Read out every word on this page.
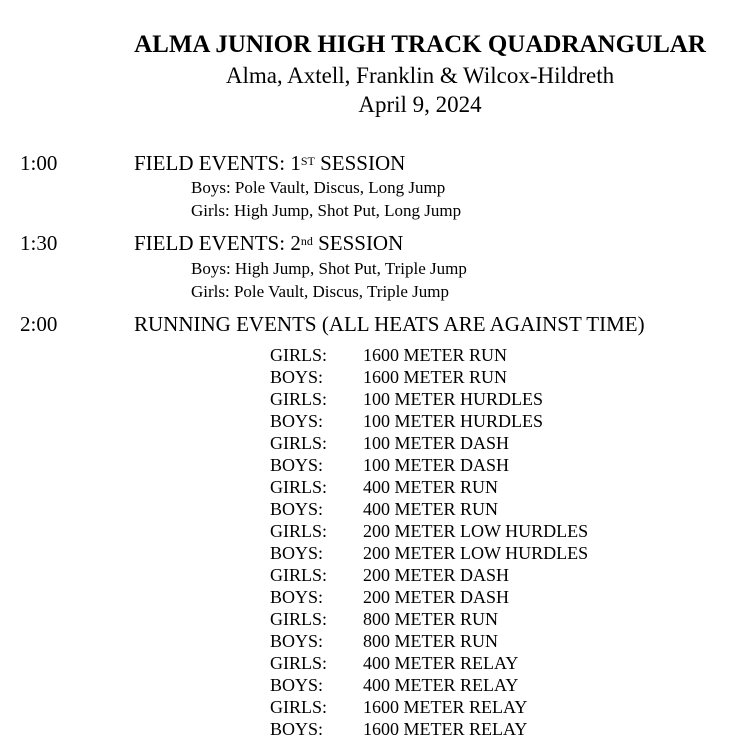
ALMA JUNIOR HIGH TRACK QUADRANGULAR
Alma, Axtell, Franklin & Wilcox-Hildreth
April 9, 2024
1:00	FIELD EVENTS: 1ST SESSION
Boys: Pole Vault, Discus, Long Jump
Girls: High Jump, Shot Put, Long Jump
1:30	FIELD EVENTS: 2nd SESSION
Boys: High Jump, Shot Put, Triple Jump
Girls: Pole Vault, Discus, Triple Jump
2:00	RUNNING EVENTS (ALL HEATS ARE AGAINST TIME)
GIRLS:	1600 METER RUN
BOYS:	1600 METER RUN
GIRLS:	100 METER HURDLES
BOYS:	100 METER HURDLES
GIRLS:	100 METER DASH
BOYS:	100 METER DASH
GIRLS:	400 METER RUN
BOYS:	400 METER RUN
GIRLS:	200 METER LOW HURDLES
BOYS:	200 METER LOW HURDLES
GIRLS:	200 METER DASH
BOYS:	200 METER DASH
GIRLS:	800 METER RUN
BOYS:	800 METER RUN
GIRLS:	400 METER RELAY
BOYS:	400 METER RELAY
GIRLS:	1600 METER RELAY
BOYS:	1600 METER RELAY
